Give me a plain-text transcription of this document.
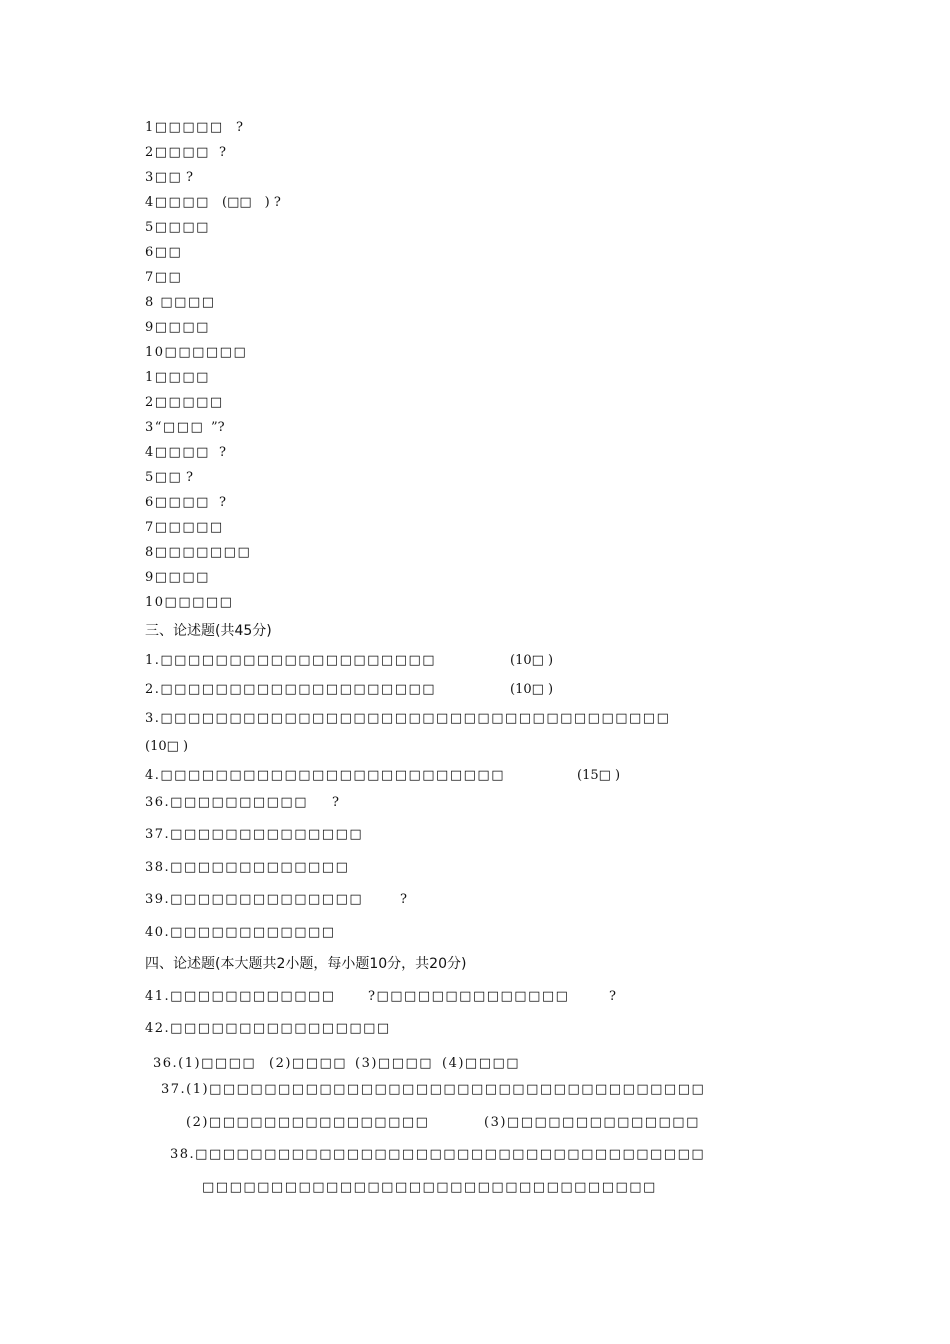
1□□□□□ ?
2□□□□ ?
3□□ ?
4□□□□ (□□　) ?
5□□□□
6□□
7□□
8 □□□□
9□□□□
10□□□□□□
1□□□□
2□□□□□
3“□□□ ”?
4□□□□ ?
5□□ ?
6□□□□ ?
7□□□□□
8□□□□□□□
9□□□□
10□□□□□
三、论述题(共45分)
1.□□□□□□□□□□□□□□□□□□□□	(10□ )
2.□□□□□□□□□□□□□□□□□□□□	(10□ )
3.□□□□□□□□□□□□□□□□□□□□□□□□□□□□□□□□□□□□□
(10□ )
4.□□□□□□□□□□□□□□□□□□□□□□□□□	(15□ )
36.□□□□□□□□□□ ?
37.□□□□□□□□□□□□□□
38.□□□□□□□□□□□□□
39.□□□□□□□□□□□□□□	?
40.□□□□□□□□□□□□
四、论述题(本大题共2小题，每小题10分，共20分)
41.□□□□□□□□□□□□ ?□□□□□□□□□□□□□□	?
42.□□□□□□□□□□□□□□□□
36.(1)□□□□ (2)□□□□ (3)□□□□ (4)□□□□
37.(1)□□□□□□□□□□□□□□□□□□□□□□□□□□□□□□□□□□□□
(2)□□□□□□□□□□□□□□□□	(3)□□□□□□□□□□□□□□
38.□□□□□□□□□□□□□□□□□□□□□□□□□□□□□□□□□□□□□
□□□□□□□□□□□□□□□□□□□□□□□□□□□□□□□□□
